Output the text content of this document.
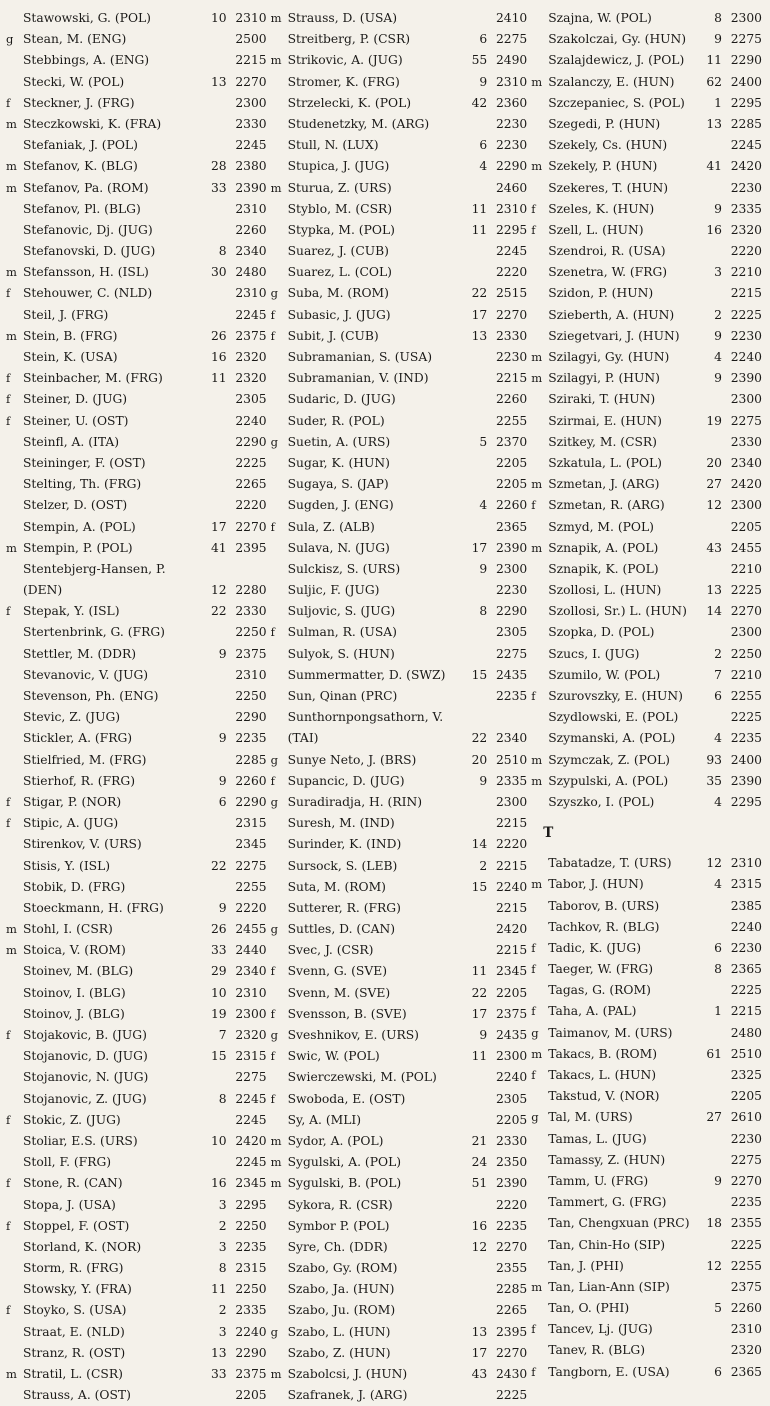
Stawowski, G. (POL)	10 2310
g Stean, M. (ENG)	2500
Stebbings, A. (ENG)	2215
Stecki, W. (POL)	13 2270
f	Steckner, J. (FRG)	2300
m Steczkowski, K. (FRA)	2330
Stefaniak, J. (POL)	2245
m Stefanov, K. (BLG)	28 2380
m Stefanov, Pa. (ROM)	33 2390
Stefanov, Pl. (BLG)	2310
Stefanovic, Dj. (JUG)	2260
Stefanovski, D. (JUG)	8 2340
m Stefansson, H. (ISL)	30 2480
f	Stehouwer, C. (NLD)	2310
Steil, J. (FRG)	2245
m Stein, B. (FRG)	26 2375
Stein, K. (USA)	16 2320
f	Steinbacher, M. (FRG)	11 2320
f	Steiner, D. (JUG)	2305
f	Steiner, U. (OST)	2240
Steinfl, A. (ITA)	2290
Steininger, F. (OST)	2225
Stelting, Th. (FRG)	2265
Stelzer, D. (OST)	2220
Stempin, A. (POL)	17 2270
m Stempin, P. (POL)	41 2395
Stentebjerg-Hansen, P. (DEN)	12 2280
f	Stepak, Y. (ISL)	22 2330
Stertenbrink, G. (FRG)	2250
Stettler, M. (DDR)	9 2375
Stevanovic, V. (JUG)	2310
Stevenson, Ph. (ENG)	2250
Stevic, Z. (JUG)	2290
Stickler, A. (FRG)	9 2235
Stielfried, M. (FRG)	2285
Stierhof, R. (FRG)	9 2260
f	Stigar, P. (NOR)	6 2290
f	Stipic, A. (JUG)	2315
Stirenkov, V. (URS)	2345
Stisis, Y. (ISL)	22 2275
Stobik, D. (FRG)	2255
Stoeckmann, H. (FRG)	9 2220
m Stohl, I. (CSR)	26 2455
m Stoica, V. (ROM)	33 2440
Stoinev, M. (BLG)	29 2340
Stoinov, I. (BLG)	10 2310
Stoinov, J. (BLG)	19 2300
f	Stojakovic, B. (JUG)	7 2320
Stojanovic, D. (JUG)	15 2315
Stojanovic, N. (JUG)	2275
Stojanovic, Z. (JUG)	8 2245
f	Stokic, Z. (JUG)	2245
Stoliar, E.S. (URS)	10 2420
Stoll, F. (FRG)	2245
f	Stone, R. (CAN)	16 2345
Stopa, J. (USA)	3 2295
f	Stoppel, F. (OST)	2 2250
Storland, K. (NOR)	3 2235
Storm, R. (FRG)	8 2315
Stowsky, Y. (FRA)	11 2250
f	Stoyko, S. (USA)	2 2335
Straat, E. (NLD)	3 2240
Stranz, R. (OST)	13 2290
m Stratil, L. (CSR)	33 2375
Strauss, A. (OST)	2205
m Strauss, D. (USA)	2410
Streitberg, P. (CSR)	6 2275
m Strikovic, A. (JUG)	55 2490
Stromer, K. (FRG)	9 2310
Strzelecki, K. (POL)	42 2360
Studenetzky, M. (ARG)	2230
Stull, N. (LUX)	6 2230
Stupica, J. (JUG)	4 2290
m Sturua, Z. (URS)	2460
Styblo, M. (CSR)	11 2310
Stypka, M. (POL)	11 2295
Suarez, J. (CUB)	2245
Suarez, L. (COL)	2220
g Suba, M. (ROM)	22 2515
f	Subasic, J. (JUG)	17 2270
f	Subit, J. (CUB)	13 2330
Subramanian, S. (USA)	2230
Subramanian, V. (IND)	2215
Sudaric, D. (JUG)	2260
Suder, R. (POL)	2255
g Suetin, A. (URS)	5 2370
Sugar, K. (HUN)	2205
Sugaya, S. (JAP)	2205
Sugden, J. (ENG)	4 2260
f	Sula, Z. (ALB)	2365
Sulava, N. (JUG)	17 2390
Sulckisz, S. (URS)	9 2300
Suljic, F. (JUG)	2230
Suljovic, S. (JUG)	8 2290
f	Sulman, R. (USA)	2305
Sulyok, S. (HUN)	2275
Summermatter, D. (SWZ)	15 2435
Sun, Qinan (PRC)	2235
Sunthornpongsathorn, V. (TAI)	22 2340
g Sunye Neto, J. (BRS)	20 2510
f	Supancic, D. (JUG)	9 2335
g Suradiradja, H. (RIN)	2300
Suresh, M. (IND)	2215
Surinder, K. (IND)	14 2220
Sursock, S. (LEB)	2 2215
Suta, M. (ROM)	15 2240
Sutterer, R. (FRG)	2215
g Suttles, D. (CAN)	2420
Svec, J. (CSR)	2215
f	Svenn, G. (SVE)	11 2345
Svenn, M. (SVE)	22 2205
f	Svensson, B. (SVE)	17 2375
g Sveshnikov, E. (URS)	9 2435
f	Swic, W. (POL)	11 2300
Swierczewski, M. (POL)	2240
f	Swoboda, E. (OST)	2305
Sy, A. (MLI)	2205
m Sydor, A. (POL)	21 2330
m Sygulski, A. (POL)	24 2350
m Sygulski, B. (POL)	51 2390
Sykora, R. (CSR)	2220
Symbor P. (POL)	16 2235
Syre, Ch. (DDR)	12 2270
Szabo, Gy. (ROM)	2355
Szabo, Ja. (HUN)	2285
Szabo, Ju. (ROM)	2265
g Szabo, L. (HUN)	13 2395
Szabo, Z. (HUN)	17 2270
m Szabolcsi, J. (HUN)	43 2430
Szafranek, J. (ARG)	2225
Szajna, W. (POL)	8 2300
Szakolczai, Gy. (HUN)	9 2275
Szalajdewicz, J. (POL)	11 2290
m Szalanczy, E. (HUN)	62 2400
Szczepaniec, S. (POL)	1 2295
Szegedi, P. (HUN)	13 2285
Szekely, Cs. (HUN)	2245
m Szekely, P. (HUN)	41 2420
Szekeres, T. (HUN)	2230
f	Szeles, K. (HUN)	9 2335
f	Szell, L. (HUN)	16 2320
Szendroi, R. (USA)	2220
Szenetra, W. (FRG)	3 2210
Szidon, P. (HUN)	2215
Szieberth, A. (HUN)	2 2225
Sziegetvari, J. (HUN)	9 2230
m Szilagyi, Gy. (HUN)	4 2240
m Szilagyi, P. (HUN)	9 2390
Sziraki, T. (HUN)	2300
Szirmai, E. (HUN)	19 2275
Szitkey, M. (CSR)	2330
Szkatula, L. (POL)	20 2340
m Szmetan, J. (ARG)	27 2420
f	Szmetan, R. (ARG)	12 2300
Szmyd, M. (POL)	2205
m Sznapik, A. (POL)	43 2455
Sznapik, K. (POL)	2210
Szollosi, L. (HUN)	13 2225
Szollosi, Sr.) L. (HUN)	14 2270
Szopka, D. (POL)	2300
Szucs, I. (JUG)	2 2250
Szumilo, W. (POL)	7 2210
f	Szurovszky, E. (HUN)	6 2255
Szydlowski, E. (POL)	2225
Szymanski, A. (POL)	4 2235
m Szymczak, Z. (POL)	93 2400
m Szypulski, A. (POL)	35 2390
Szyszko, I. (POL)	4 2295
T
Tabatadze, T. (URS)	12 2310
m Tabor, J. (HUN)	4 2315
Taborov, B. (URS)	2385
Tachkov, R. (BLG)	2240
f	Tadic, K. (JUG)	6 2230
f	Taeger, W. (FRG)	8 2365
Tagas, G. (ROM)	2225
f	Taha, A. (PAL)	1 2215
g Taimanov, M. (URS)	2480
m Takacs, B. (ROM)	61 2510
f	Takacs, L. (HUN)	2325
Takstud, V. (NOR)	2205
g Tal, M. (URS)	27 2610
Tamas, L. (JUG)	2230
Tamassy, Z. (HUN)	2275
Tamm, U. (FRG)	9 2270
Tammert, G. (FRG)	2235
Tan, Chengxuan (PRC)	18 2355
Tan, Chin-Ho (SIP)	2225
Tan, J. (PHI)	12 2255
m Tan, Lian-Ann (SIP)	2375
Tan, O. (PHI)	5 2260
f	Tancev, Lj. (JUG)	2310
Tanev, R. (BLG)	2320
f	Tangborn, E. (USA)	6 2365
